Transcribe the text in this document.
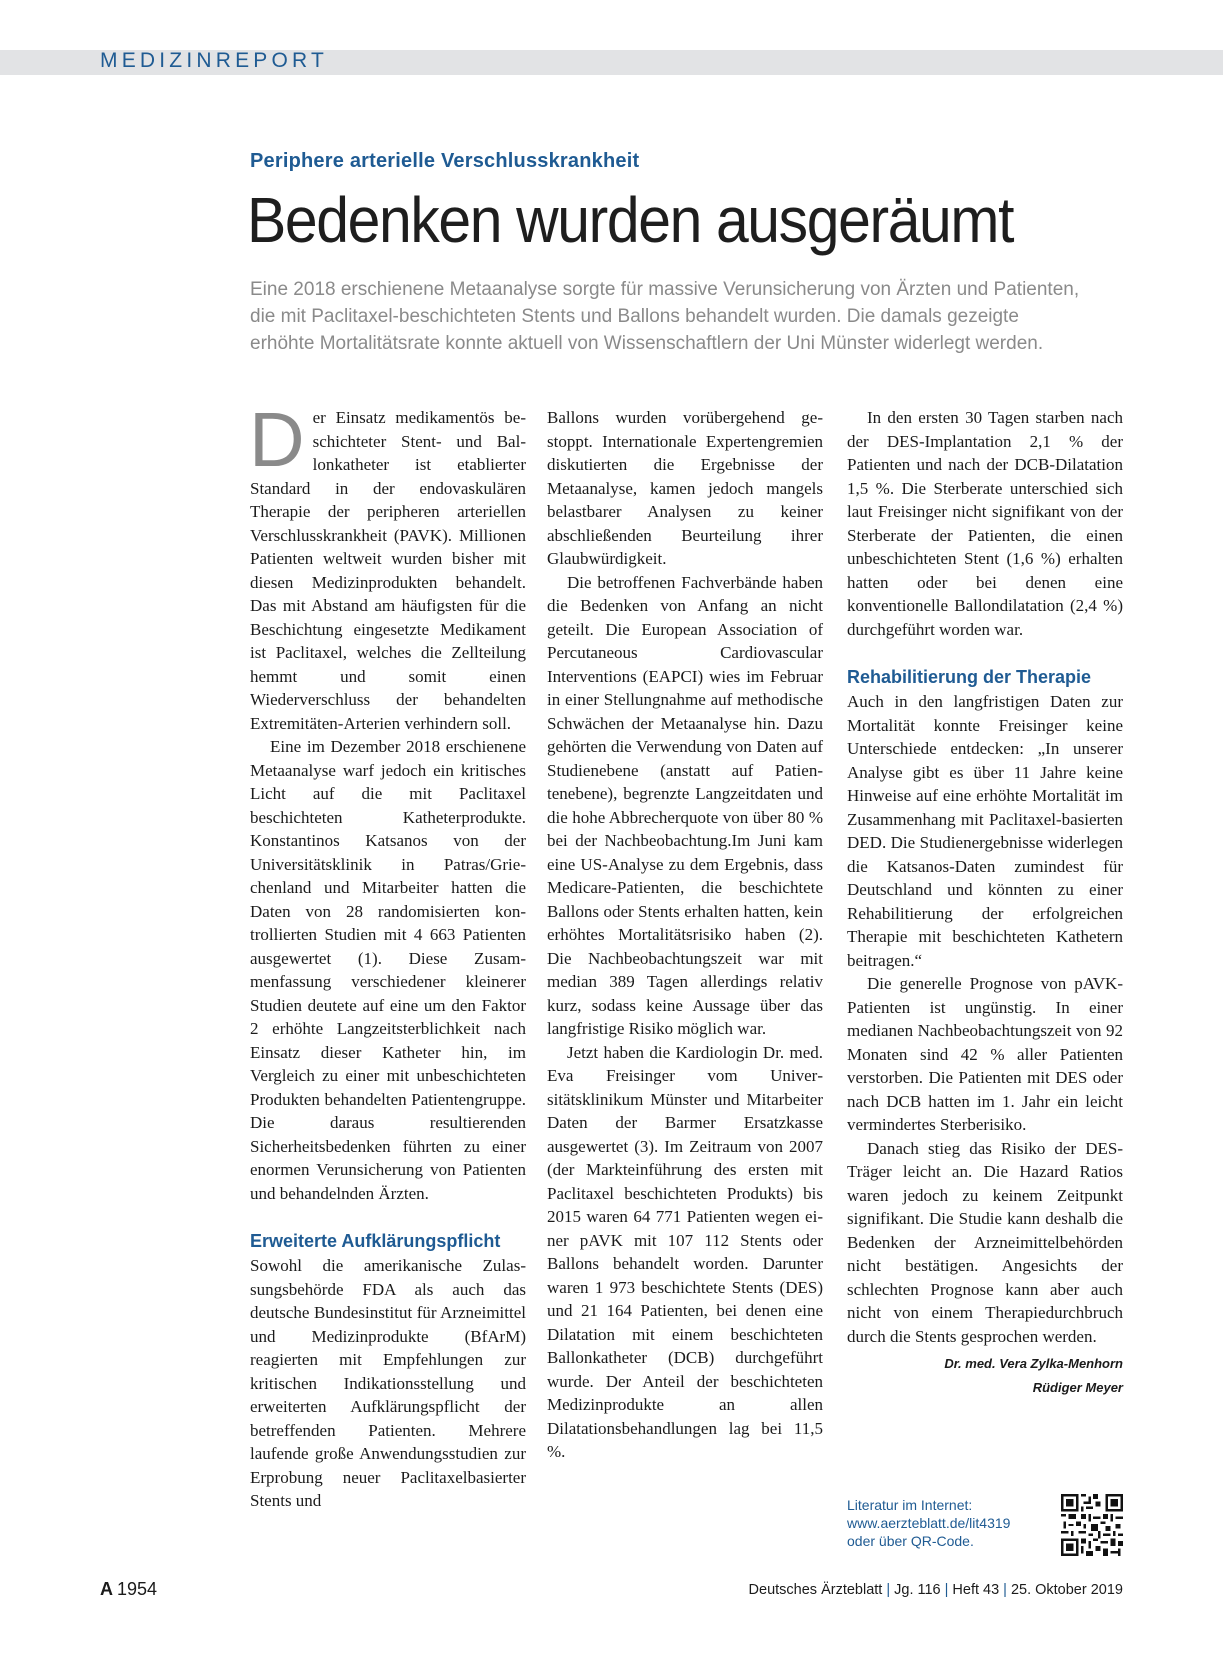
MEDIZINREPORT
Periphere arterielle Verschlusskrankheit
Bedenken wurden ausgeräumt
Eine 2018 erschienene Metaanalyse sorgte für massive Verunsicherung von Ärzten und Patienten,
die mit Paclitaxel-beschichteten Stents und Ballons behandelt wurden. Die damals gezeigte
erhöhte Mortalitätsrate konnte aktuell von Wissenschaftlern der Uni Münster widerlegt werden.
D er Einsatz medikamentös beschichteter Stent- und Ballonkatheter ist etablierter Standard in der endovaskulären Therapie der peripheren arteriellen Verschlusskrankheit (PAVK). Millionen Patienten weltweit wurden bisher mit diesen Medizinprodukten behandelt. Das mit Abstand am häufigsten für die Beschichtung eingesetzte Medikament ist Paclitaxel, welches die Zellteilung hemmt und somit einen Wiederverschluss der behandelten Extremitäten-Arterien verhindern soll.

Eine im Dezember 2018 erschienene Metaanalyse warf jedoch ein kritisches Licht auf die mit Paclitaxel beschichteten Katheterprodukte. Konstantinos Katsanos von der Universitätsklinik in Patras/Griechenland und Mitarbeiter hatten die Daten von 28 randomisierten kontrollierten Studien mit 4 663 Patienten ausgewertet (1). Diese Zusammenfassung verschiedener kleinerer Studien deutete auf eine um den Faktor 2 erhöhte Langzeitsterblichkeit nach Einsatz dieser Katheter hin, im Vergleich zu einer mit unbeschichteten Produkten behandelten Patientengruppe. Die daraus resultierenden Sicherheitsbedenken führten zu einer enormen Verunsicherung von Patienten und behandelnden Ärzten.

Erweiterte Aufklärungspflicht

Sowohl die amerikanische Zulassungsbehörde FDA als auch das deutsche Bundesinstitut für Arzneimittel und Medizinprodukte (BfArM) reagierten mit Empfehlungen zur kritischen Indikationsstellung und erweiterten Aufklärungspflicht der betreffenden Patienten. Mehrere laufende große Anwendungsstudien zur Erprobung neuer Paclitaxelbasierter Stents und

Ballons wurden vorübergehend gestoppt. Internationale Expertengremien diskutierten die Ergebnisse der Metaanalyse, kamen jedoch mangels belastbarer Analysen zu keiner abschließenden Beurteilung ihrer Glaubwürdigkeit.

Die betroffenen Fachverbände haben die Bedenken von Anfang an nicht geteilt. Die European Association of Percutaneous Cardiovascular Interventions (EAPCI) wies im Februar in einer Stellungnahme auf methodische Schwächen der Metaanalyse hin. Dazu gehörten die Verwendung von Daten auf Studienebene (anstatt auf Patientenebene), begrenzte Langzeitdaten und die hohe Abbrecherquote von über 80 % bei der Nachbeobachtung.Im Juni kam eine US-Analyse zu dem Ergebnis, dass Medicare-Patienten, die beschichtete Ballons oder Stents erhalten hatten, kein erhöhtes Mortalitätsrisiko haben (2). Die Nachbeobachtungszeit war mit median 389 Tagen allerdings relativ kurz, sodass keine Aussage über das langfristige Risiko möglich war.

Jetzt haben die Kardiologin Dr. med. Eva Freisinger vom Universitätsklinikum Münster und Mitarbeiter Daten der Barmer Ersatzkasse ausgewertet (3). Im Zeitraum von 2007 (der Markteinführung des ersten mit Paclitaxel beschichteten Produkts) bis 2015 waren 64 771 Patienten wegen einer pAVK mit 107 112 Stents oder Ballons behandelt worden. Darunter waren 1 973 beschichtete Stents (DES) und 21 164 Patienten, bei denen eine Dilatation mit einem beschichteten Ballonkatheter (DCB) durchgeführt wurde. Der Anteil der beschichteten Medizinprodukte an allen Dilatationsbehandlungen lag bei 11,5 %.

In den ersten 30 Tagen starben nach der DES-Implantation 2,1 % der Patienten und nach der DCB-Dilatation 1,5 %. Die Sterberate unterschied sich laut Freisinger nicht signifikant von der Sterberate der Patienten, die einen unbeschichteten Stent (1,6 %) erhalten hatten oder bei denen eine konventionelle Ballondilatation (2,4 %) durchgeführt worden war.

Rehabilitierung der Therapie

Auch in den langfristigen Daten zur Mortalität konnte Freisinger keine Unterschiede entdecken: „In unserer Analyse gibt es über 11 Jahre keine Hinweise auf eine erhöhte Mortalität im Zusammenhang mit Paclitaxel-basierten DED. Die Studienergebnisse widerlegen die Katsanos-Daten zumindest für Deutschland und könnten zu einer Rehabilitierung der erfolgreichen Therapie mit beschichteten Kathetern beitragen.“

Die generelle Prognose von pAVK-Patienten ist ungünstig. In einer medianen Nachbeobachtungszeit von 92 Monaten sind 42 % aller Patienten verstorben. Die Patienten mit DES oder nach DCB hatten im 1. Jahr ein leicht vermindertes Sterberisiko.

Danach stieg das Risiko der DES-Träger leicht an. Die Hazard Ratios waren jedoch zu keinem Zeitpunkt signifikant. Die Studie kann deshalb die Bedenken der Arzneimittelbehörden nicht bestätigen. Angesichts der schlechten Prognose kann aber auch nicht von einem Therapiedurchbruch durch die Stents gesprochen werden.

Dr. med. Vera Zylka-Menhorn
Rüdiger Meyer
Literatur im Internet:
www.aerzteblatt.de/lit4319
oder über QR-Code.
A 1954	Deutsches Ärzteblatt | Jg. 116 | Heft 43 | 25. Oktober 2019
